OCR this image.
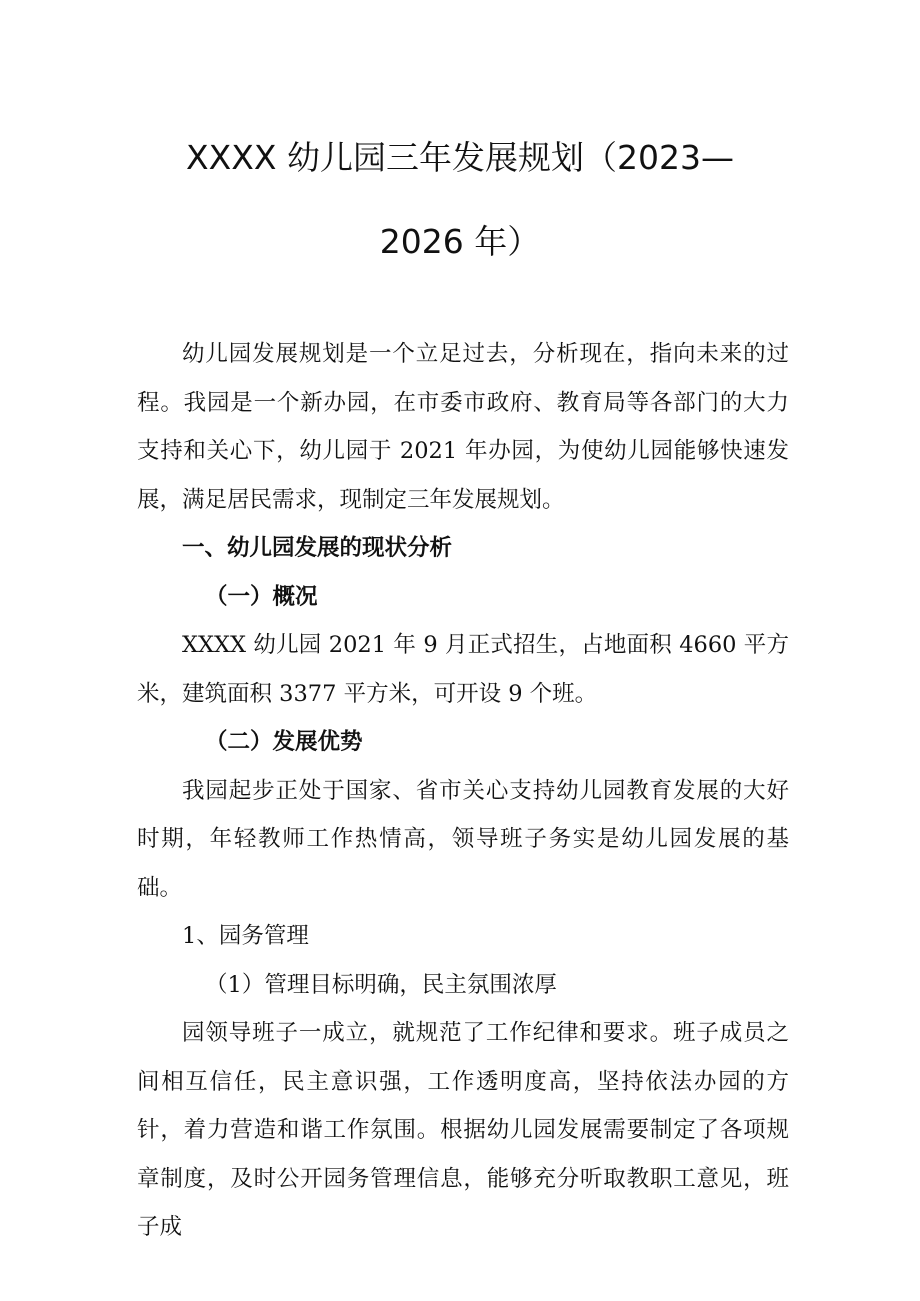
XXXX 幼儿园三年发展规划（2023—
2026 年）

幼儿园发展规划是一个立足过去，分析现在，指向未来的过程。我园是一个新办园，在市委市政府、教育局等各部门的大力支持和关心下，幼儿园于 2021 年办园，为使幼儿园能够快速发展，满足居民需求，现制定三年发展规划。

一、幼儿园发展的现状分析

（一）概况

XXXX 幼儿园 2021 年 9 月正式招生，占地面积 4660 平方米，建筑面积 3377 平方米，可开设 9 个班。

（二）发展优势

我园起步正处于国家、省市关心支持幼儿园教育发展的大好时期，年轻教师工作热情高，领导班子务实是幼儿园发展的基础。

1、园务管理

（1）管理目标明确，民主氛围浓厚

园领导班子一成立，就规范了工作纪律和要求。班子成员之间相互信任，民主意识强，工作透明度高，坚持依法办园的方针，着力营造和谐工作氛围。根据幼儿园发展需要制定了各项规章制度，及时公开园务管理信息，能够充分听取教职工意见，班子成
